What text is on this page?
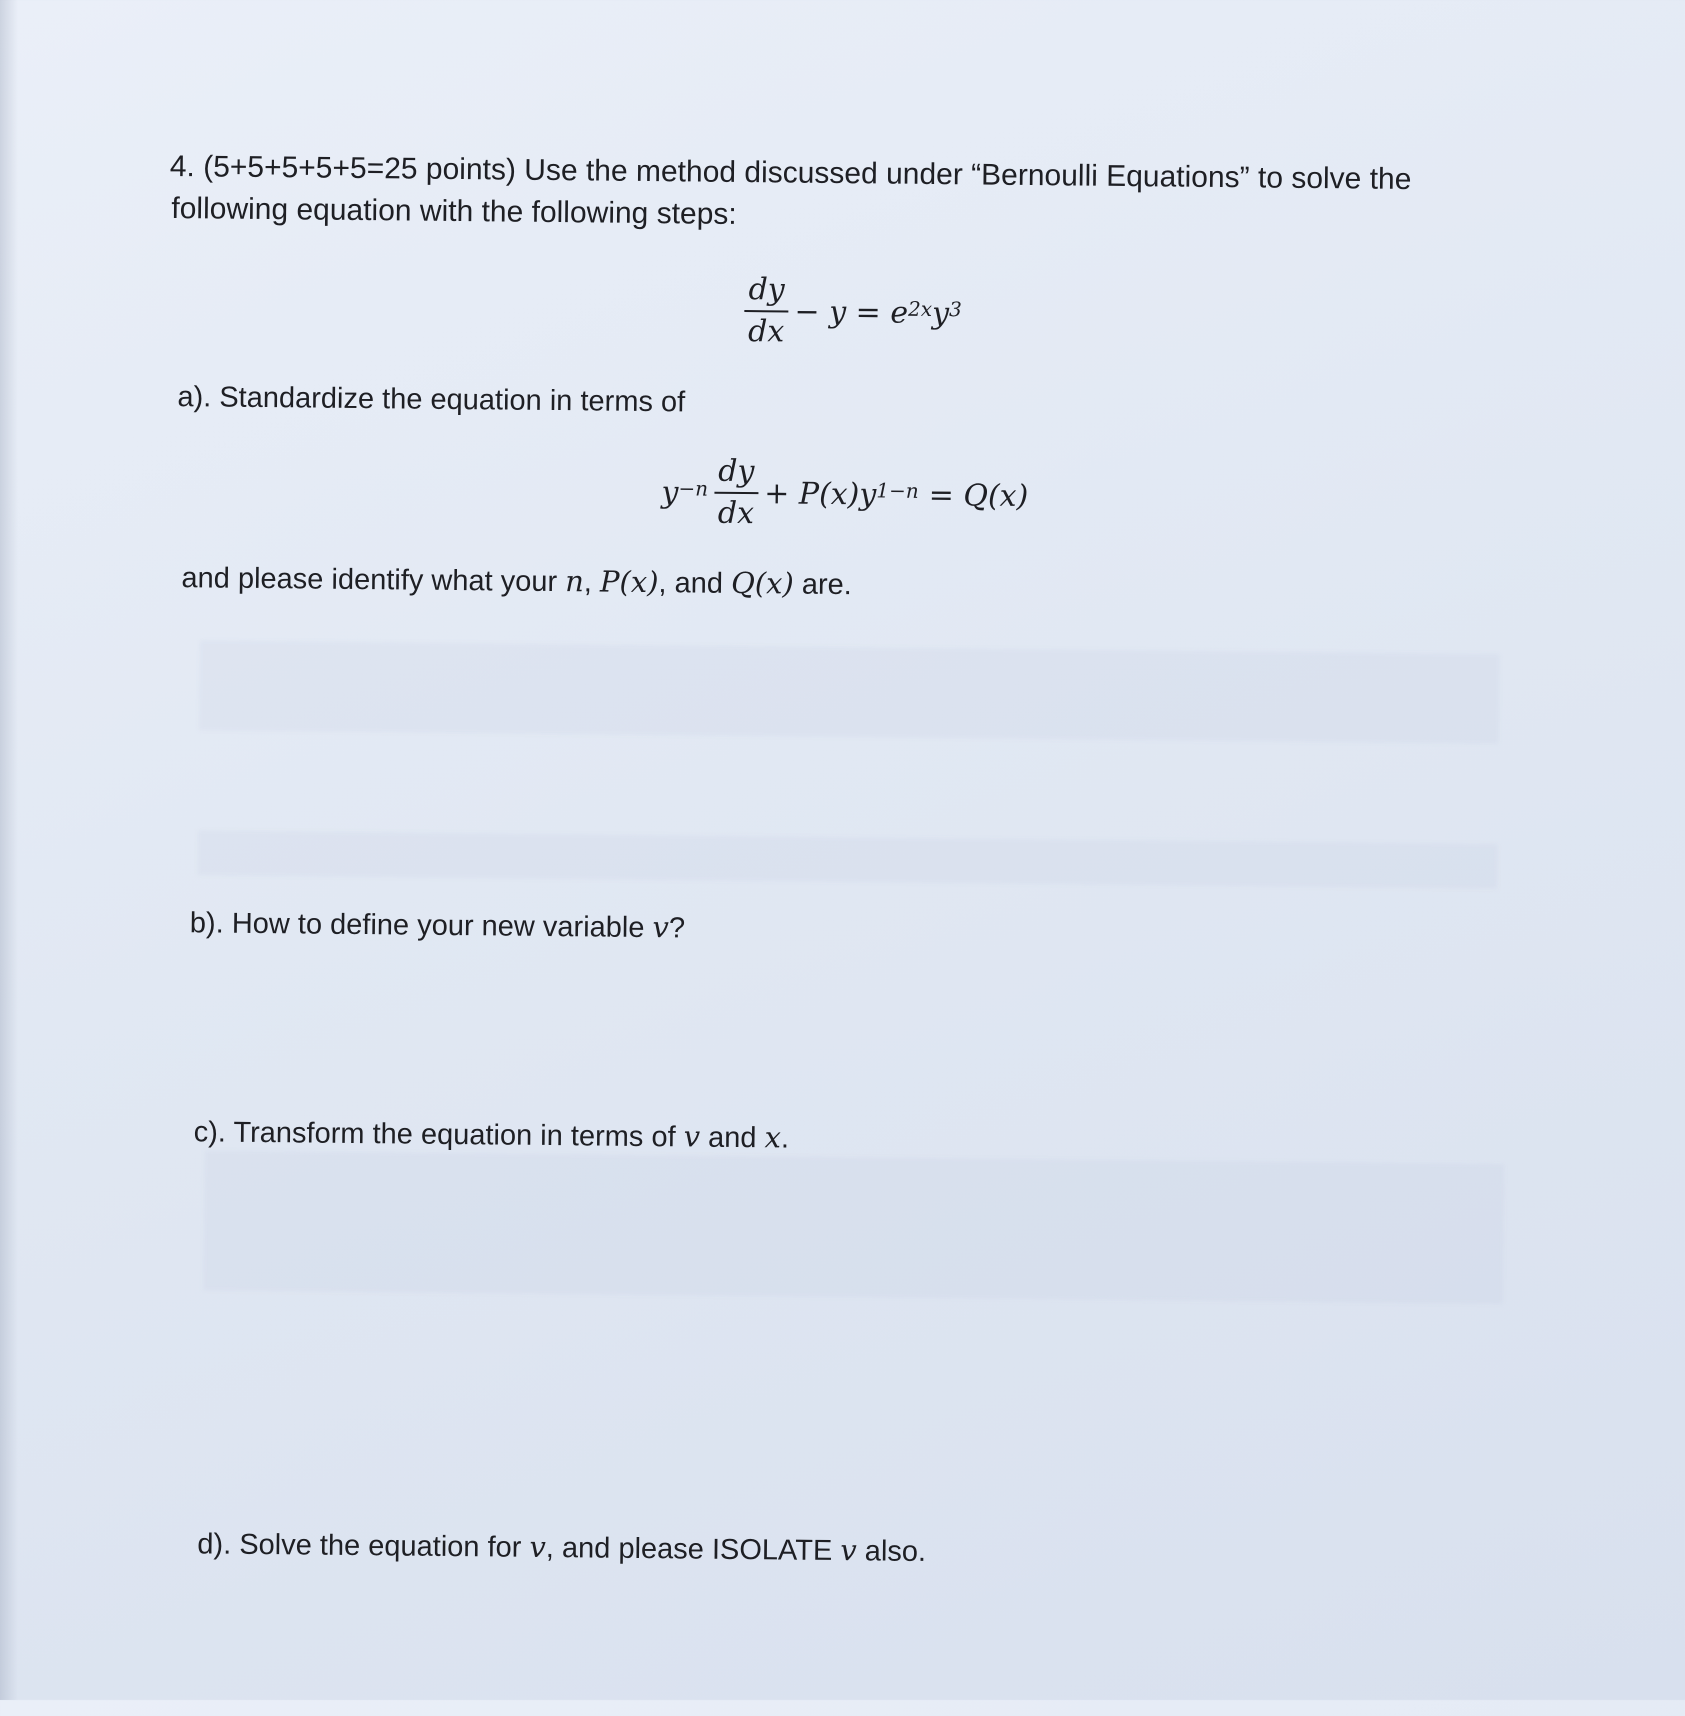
4. (5+5+5+5+5=25 points) Use the method discussed under “Bernoulli Equations” to solve the
following equation with the following steps:
$\frac{dy}{dx} - y = e^{2x}$ $y^3$
a). Standardize the equation in terms of
$y^{-n} \frac{dy}{dx} + P(x)y^{1-n} = Q(x)$
and please identify what your n, P(x), and Q(x) are.
b). How to define your new variable v?
c). Transform the equation in terms of v and x.
d). Solve the equation for v, and please ISOLATE v also.
